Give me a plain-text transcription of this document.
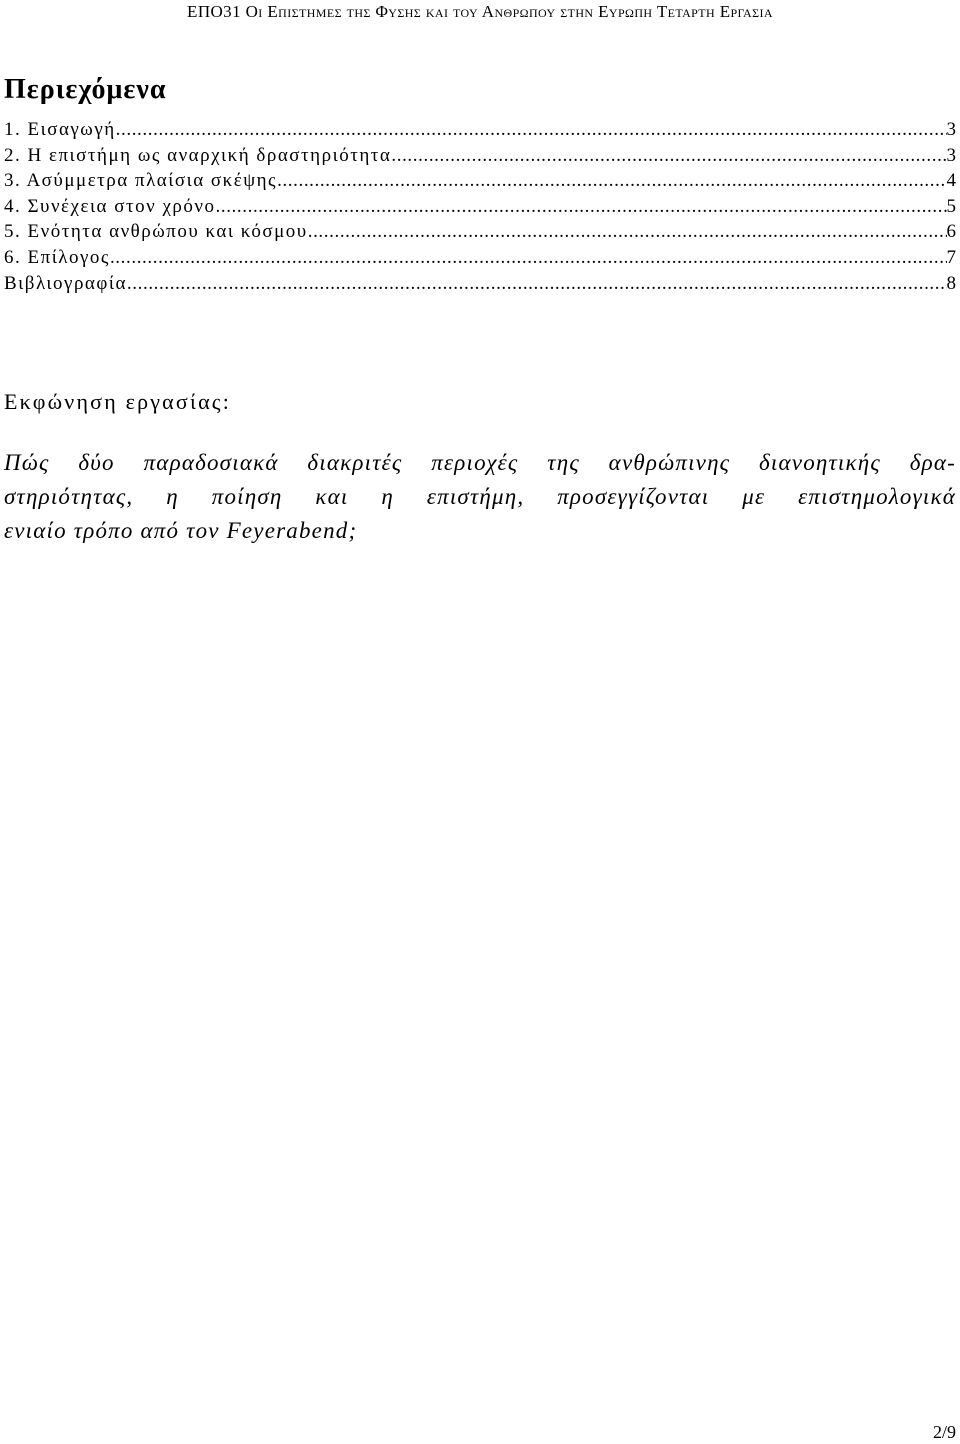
ΕΠΟ31 Οι Επιστημες της Φυσης και του Ανθρωπου στην Ευρωπη Τεταρτη Εργασια
Περιεχόμενα
1. Εισαγωγή .....	3
2. Η επιστήμη ως αναρχική δραστηριότητα .....	3
3. Ασύμμετρα πλαίσια σκέψης .....	4
4. Συνέχεια στον χρόνο .....	5
5. Ενότητα ανθρώπου και κόσμου .....	6
6. Επίλογος .....	7
Βιβλιογραφία .....	8
Εκφώνηση εργασίας:
Πώς δύο παραδοσιακά διακριτές περιοχές της ανθρώπινης διανοητικής δρα-
στηριότητας, η ποίηση και η επιστήμη, προσεγγίζονται με επιστημολογικά
ενιαίο τρόπο από τον Feyerabend;
2/9
